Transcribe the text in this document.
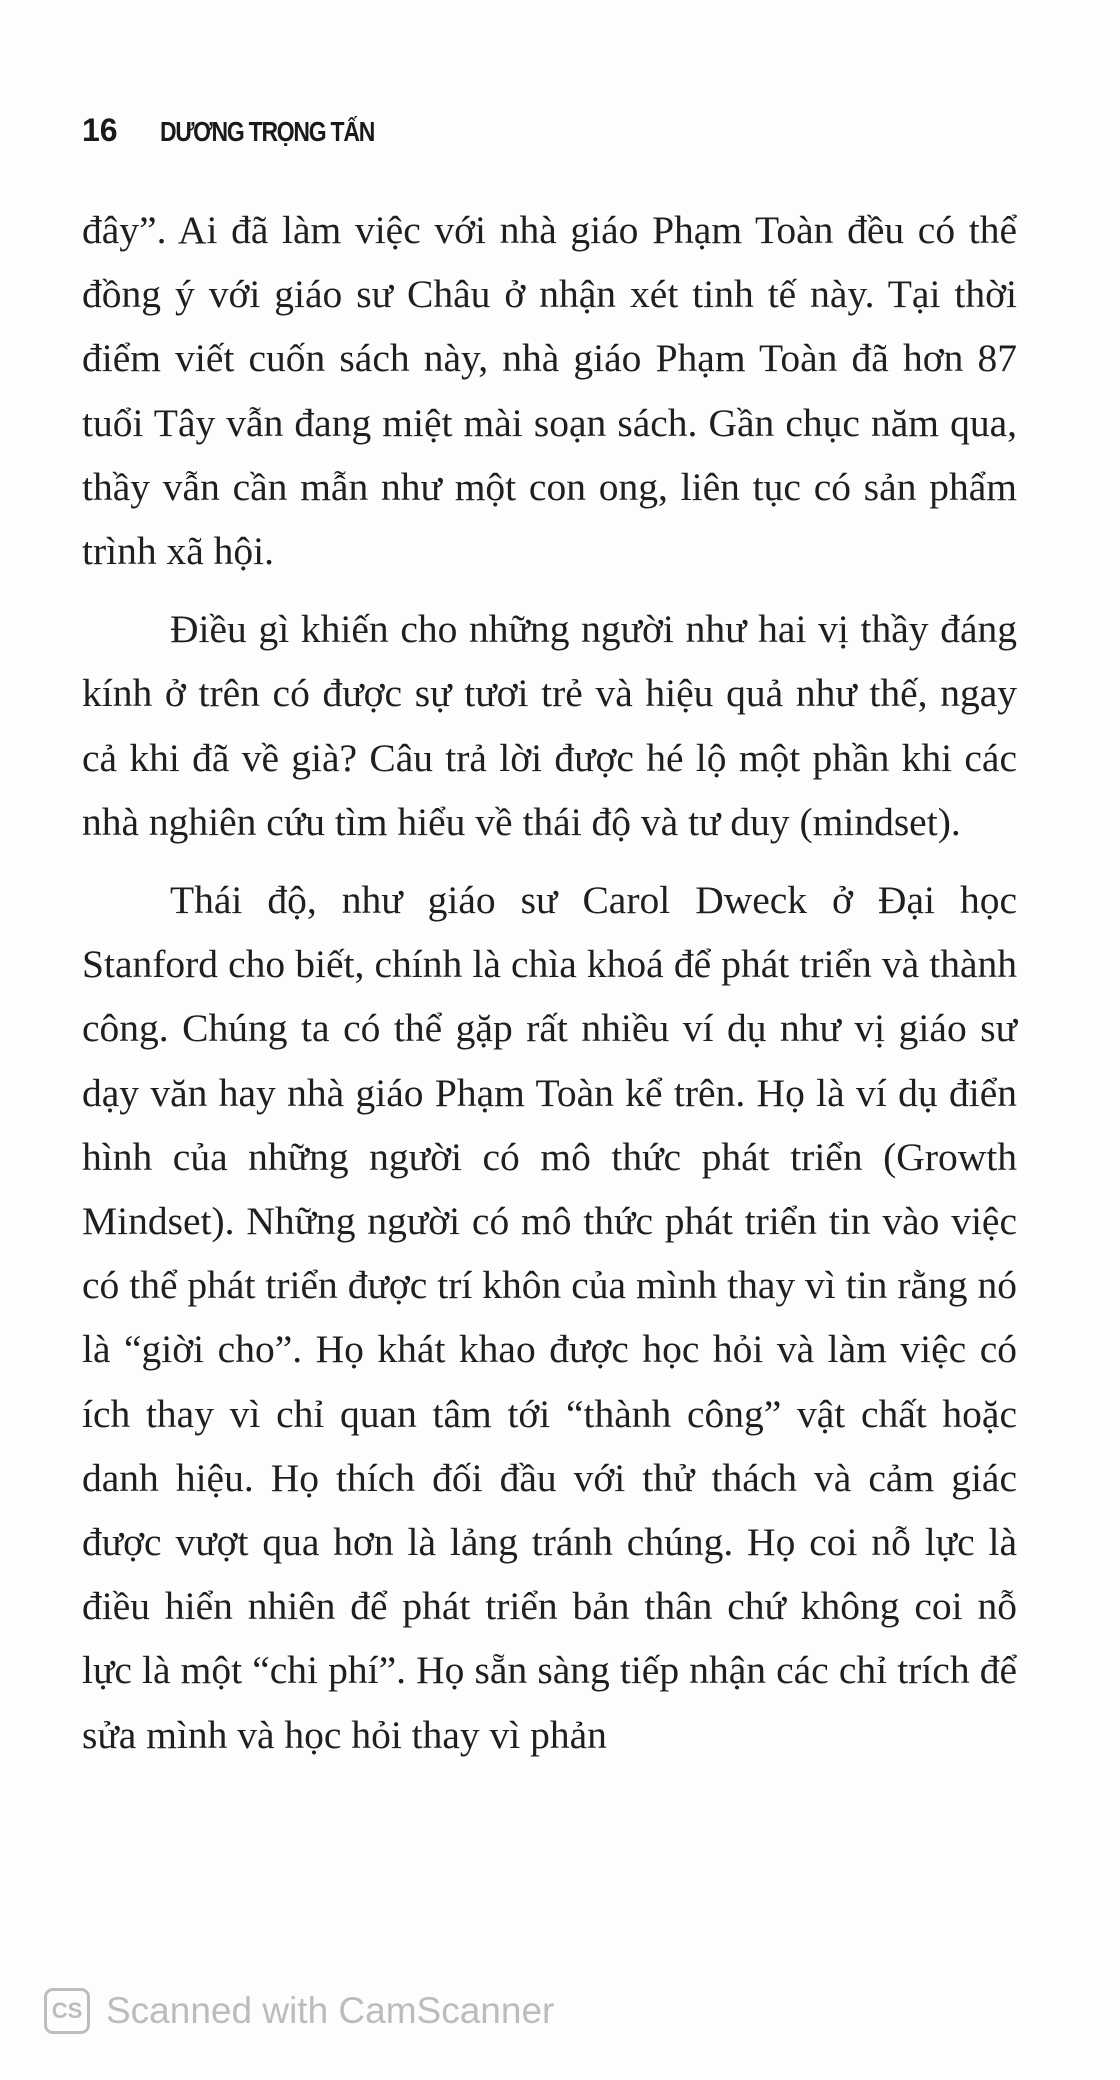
16 DƯƠNG TRỌNG TẤN

đây”. Ai đã làm việc với nhà giáo Phạm Toàn đều có thể đồng ý với giáo sư Châu ở nhận xét tinh tế này. Tại thời điểm viết cuốn sách này, nhà giáo Phạm Toàn đã hơn 87 tuổi Tây vẫn đang miệt mài soạn sách. Gần chục năm qua, thầy vẫn cần mẫn như một con ong, liên tục có sản phẩm trình xã hội.

Điều gì khiến cho những người như hai vị thầy đáng kính ở trên có được sự tươi trẻ và hiệu quả như thế, ngay cả khi đã về già? Câu trả lời được hé lộ một phần khi các nhà nghiên cứu tìm hiểu về thái độ và tư duy (mindset).

Thái độ, như giáo sư Carol Dweck ở Đại học Stanford cho biết, chính là chìa khoá để phát triển và thành công. Chúng ta có thể gặp rất nhiều ví dụ như vị giáo sư dạy văn hay nhà giáo Phạm Toàn kể trên. Họ là ví dụ điển hình của những người có mô thức phát triển (Growth Mindset). Những người có mô thức phát triển tin vào việc có thể phát triển được trí khôn của mình thay vì tin rằng nó là “giời cho”. Họ khát khao được học hỏi và làm việc có ích thay vì chỉ quan tâm tới “thành công” vật chất hoặc danh hiệu. Họ thích đối đầu với thử thách và cảm giác được vượt qua hơn là lảng tránh chúng. Họ coi nỗ lực là điều hiển nhiên để phát triển bản thân chứ không coi nỗ lực là một “chi phí”. Họ sẵn sàng tiếp nhận các chỉ trích để sửa mình và học hỏi thay vì phản

CS Scanned with CamScanner
